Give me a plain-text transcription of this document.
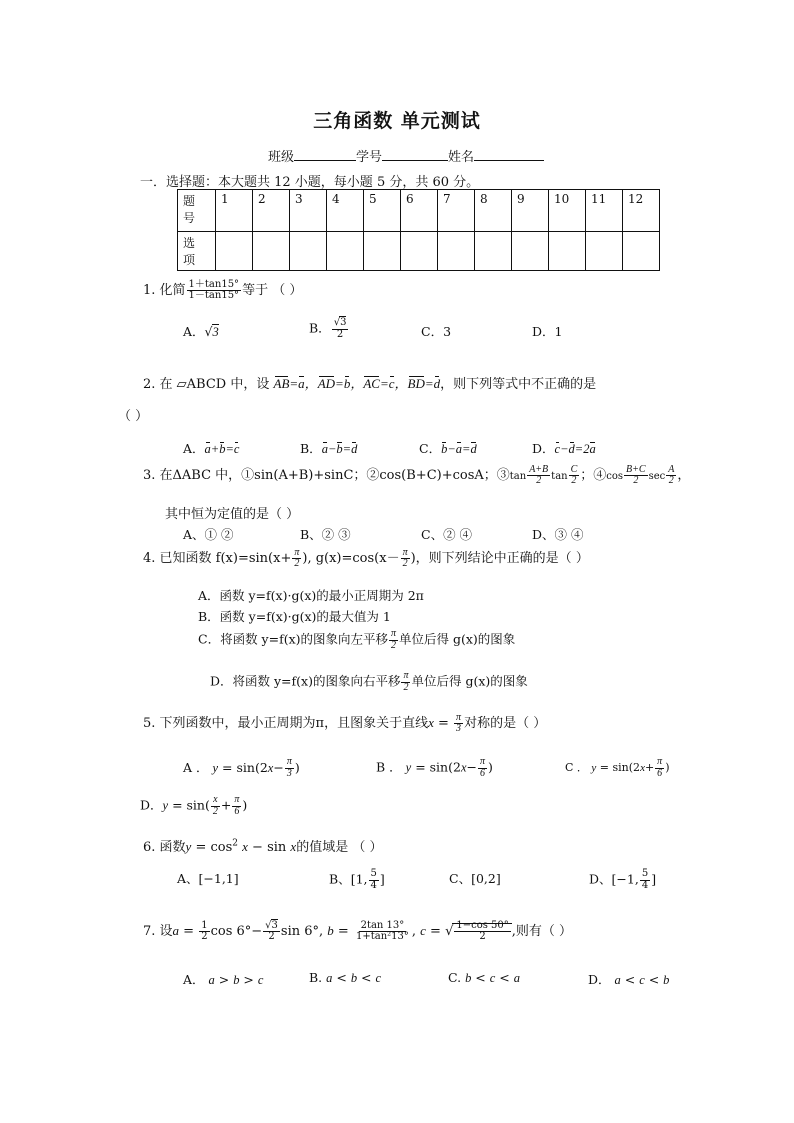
三角函数 单元测试
班级	学号	姓名
一．选择题：本大题共 12 小题，每小题 5 分，共 60 分。
题
号	1	2	3	4	5	6	7	8	9	10	11	12
选
项												
1. 化简 $\frac{1+\tan 15^\circ}{1-\tan 15^\circ}$ 等于 （ ）
A．√3	B． $\frac{√3}{2}$	C．3	D．1
2. 在 ▱ABCD 中，设 AB=a，AD=b，AC=c，BD=d，则下列等式中不正确的是
（ ）
A．a+b=c	B．a−b=d	C．b−a=d	D．c−d=2a
3. 在ΔABC 中，①sin(A+B)+sinC；②cos(B+C)+cosA；③tan $\frac{A+B}{2}$ $\tan \frac{C}{2}$ ；④cos $\frac{B+C}{2}$ $\sec \frac{A}{2}$ ，
其中恒为定值的是（ ）
A、① ②	B、② ③	C、② ④	D、③ ④
4. 已知函数 $f(x)=\sin(x+ \frac{\pi}{2}$ ), $g(x)=\cos(x- \frac{\pi}{2}$ )，则下列结论中正确的是（ ）
A．函数 y=f(x)·g(x)的最小正周期为 2π
B．函数 y=f(x)·g(x)的最大值为 1
C．将函数 y=f(x)的图象向左平移 $\frac{\pi}{2}$ 单位后得 g(x)的图象
D．将函数 y=f(x)的图象向右平移 $\frac{\pi}{2}$ 单位后得 g(x)的图象
5. 下列函数中，最小正周期为π，且图象关于直线$x = \frac{\pi}{3}$ 对称的是（ ）
A ． $y = \sin(2x- \frac{\pi}{3}$ )	B ． $y = \sin(2x- \frac{\pi}{6}$ )	C ． $y = \sin(2x+ \frac{\pi}{6}$ )
D．$y = \sin( \frac{x}{2} + \frac{\pi}{6}$ )
6. 函数$y = \cos^2 x - \sin x$的值域是 （ ）
A、[−1,1]	B、[1, $\frac{5}{4}$ ]	C、[0,2]	D、[−1, $\frac{5}{4}$ ]
7. 设$a = \frac{1}{2}$ $\cos 6^\circ- \frac{√3}{2}$ sin 6°, $b = \frac{2\tan 13^\circ}{\text{1+tan²13°}}$ , c = √ $\frac{1-\cos 50^\circ}{2}$ ,则有（ ）
A． a > b > c	B. a < b < c	C. b < c < a	D． a < c < b
